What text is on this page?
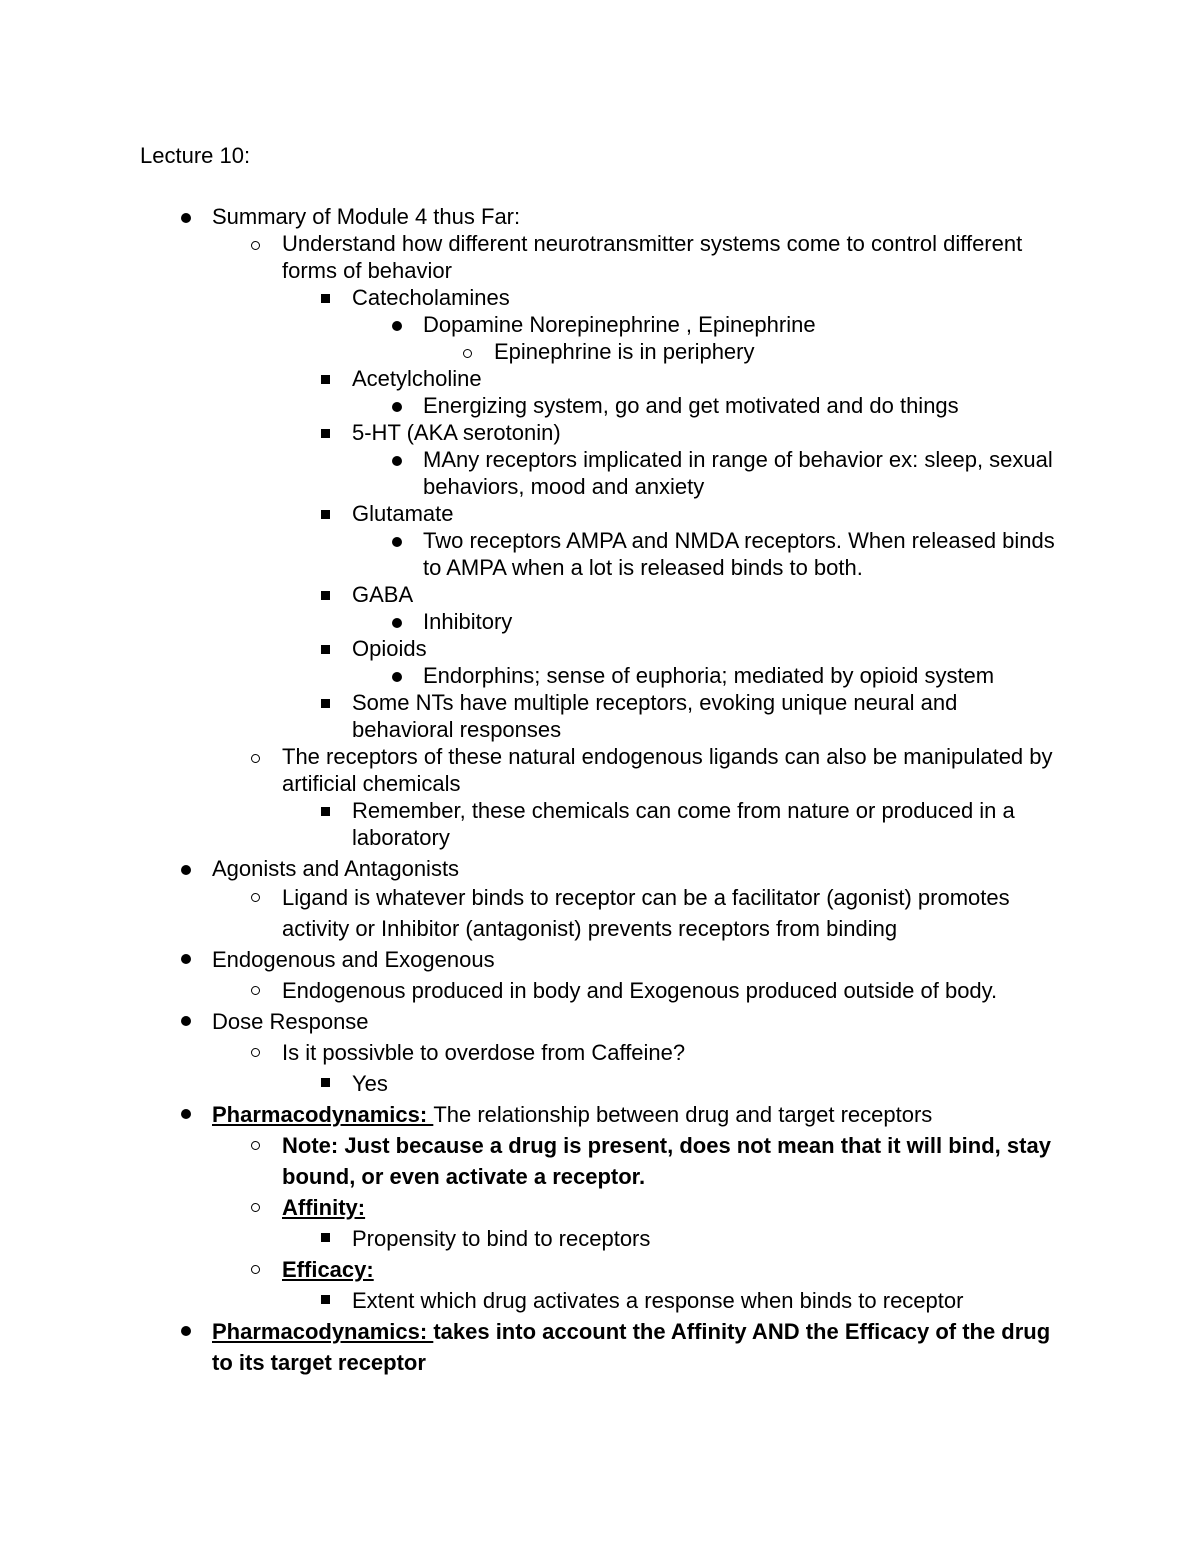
Lecture 10:
Summary of Module 4 thus Far:
Understand how different neurotransmitter systems come to control different forms of behavior
Catecholamines
Dopamine Norepinephrine , Epinephrine
Epinephrine is in periphery
Acetylcholine
Energizing system, go and get motivated and do things
5-HT (AKA serotonin)
MAny receptors implicated in range of behavior ex: sleep, sexual behaviors, mood and anxiety
Glutamate
Two receptors AMPA and NMDA receptors. When released binds to AMPA when a lot is released binds to both.
GABA
Inhibitory
Opioids
Endorphins; sense of euphoria; mediated by opioid system
Some NTs have multiple receptors, evoking unique neural and behavioral responses
The receptors of these natural endogenous ligands can also be manipulated by artificial chemicals
Remember, these chemicals can come from nature or produced in a laboratory
Agonists and Antagonists
Ligand is whatever binds to receptor can be a facilitator (agonist) promotes activity or Inhibitor (antagonist) prevents receptors from binding
Endogenous and Exogenous
Endogenous produced in body and Exogenous produced outside of body.
Dose Response
Is it possivble to overdose from Caffeine?
Yes
Pharmacodynamics: The relationship between drug and target receptors
Note: Just because a drug is present, does not mean that it will bind, stay bound, or even activate a receptor.
Affinity:
Propensity to bind to receptors
Efficacy:
Extent which drug activates a response when binds to receptor
Pharmacodynamics: takes into account the Affinity AND the Efficacy of the drug to its target receptor
